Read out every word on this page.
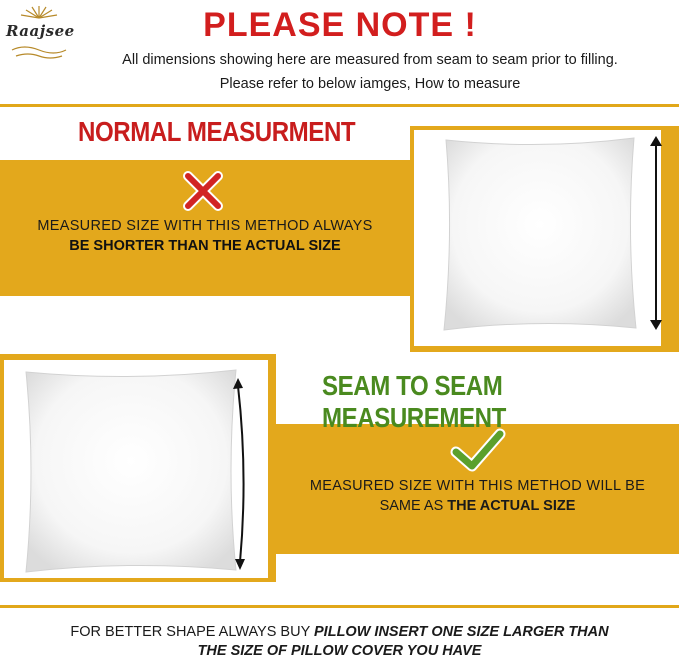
Raajsee	PLEASE NOTE !
All dimensions showing here are measured from seam to seam prior to filling.
Please refer to below iamges, How to measure
NORMAL MEASURMENT
MEASURED SIZE WITH THIS METHOD ALWAYS
BE SHORTER THAN THE ACTUAL SIZE
SEAM TO SEAM MEASUREMENT
MEASURED SIZE WITH THIS METHOD WILL BE
SAME AS THE ACTUAL SIZE
FOR BETTER SHAPE ALWAYS BUY PILLOW INSERT ONE SIZE LARGER THAN
THE SIZE OF PILLOW COVER YOU HAVE
